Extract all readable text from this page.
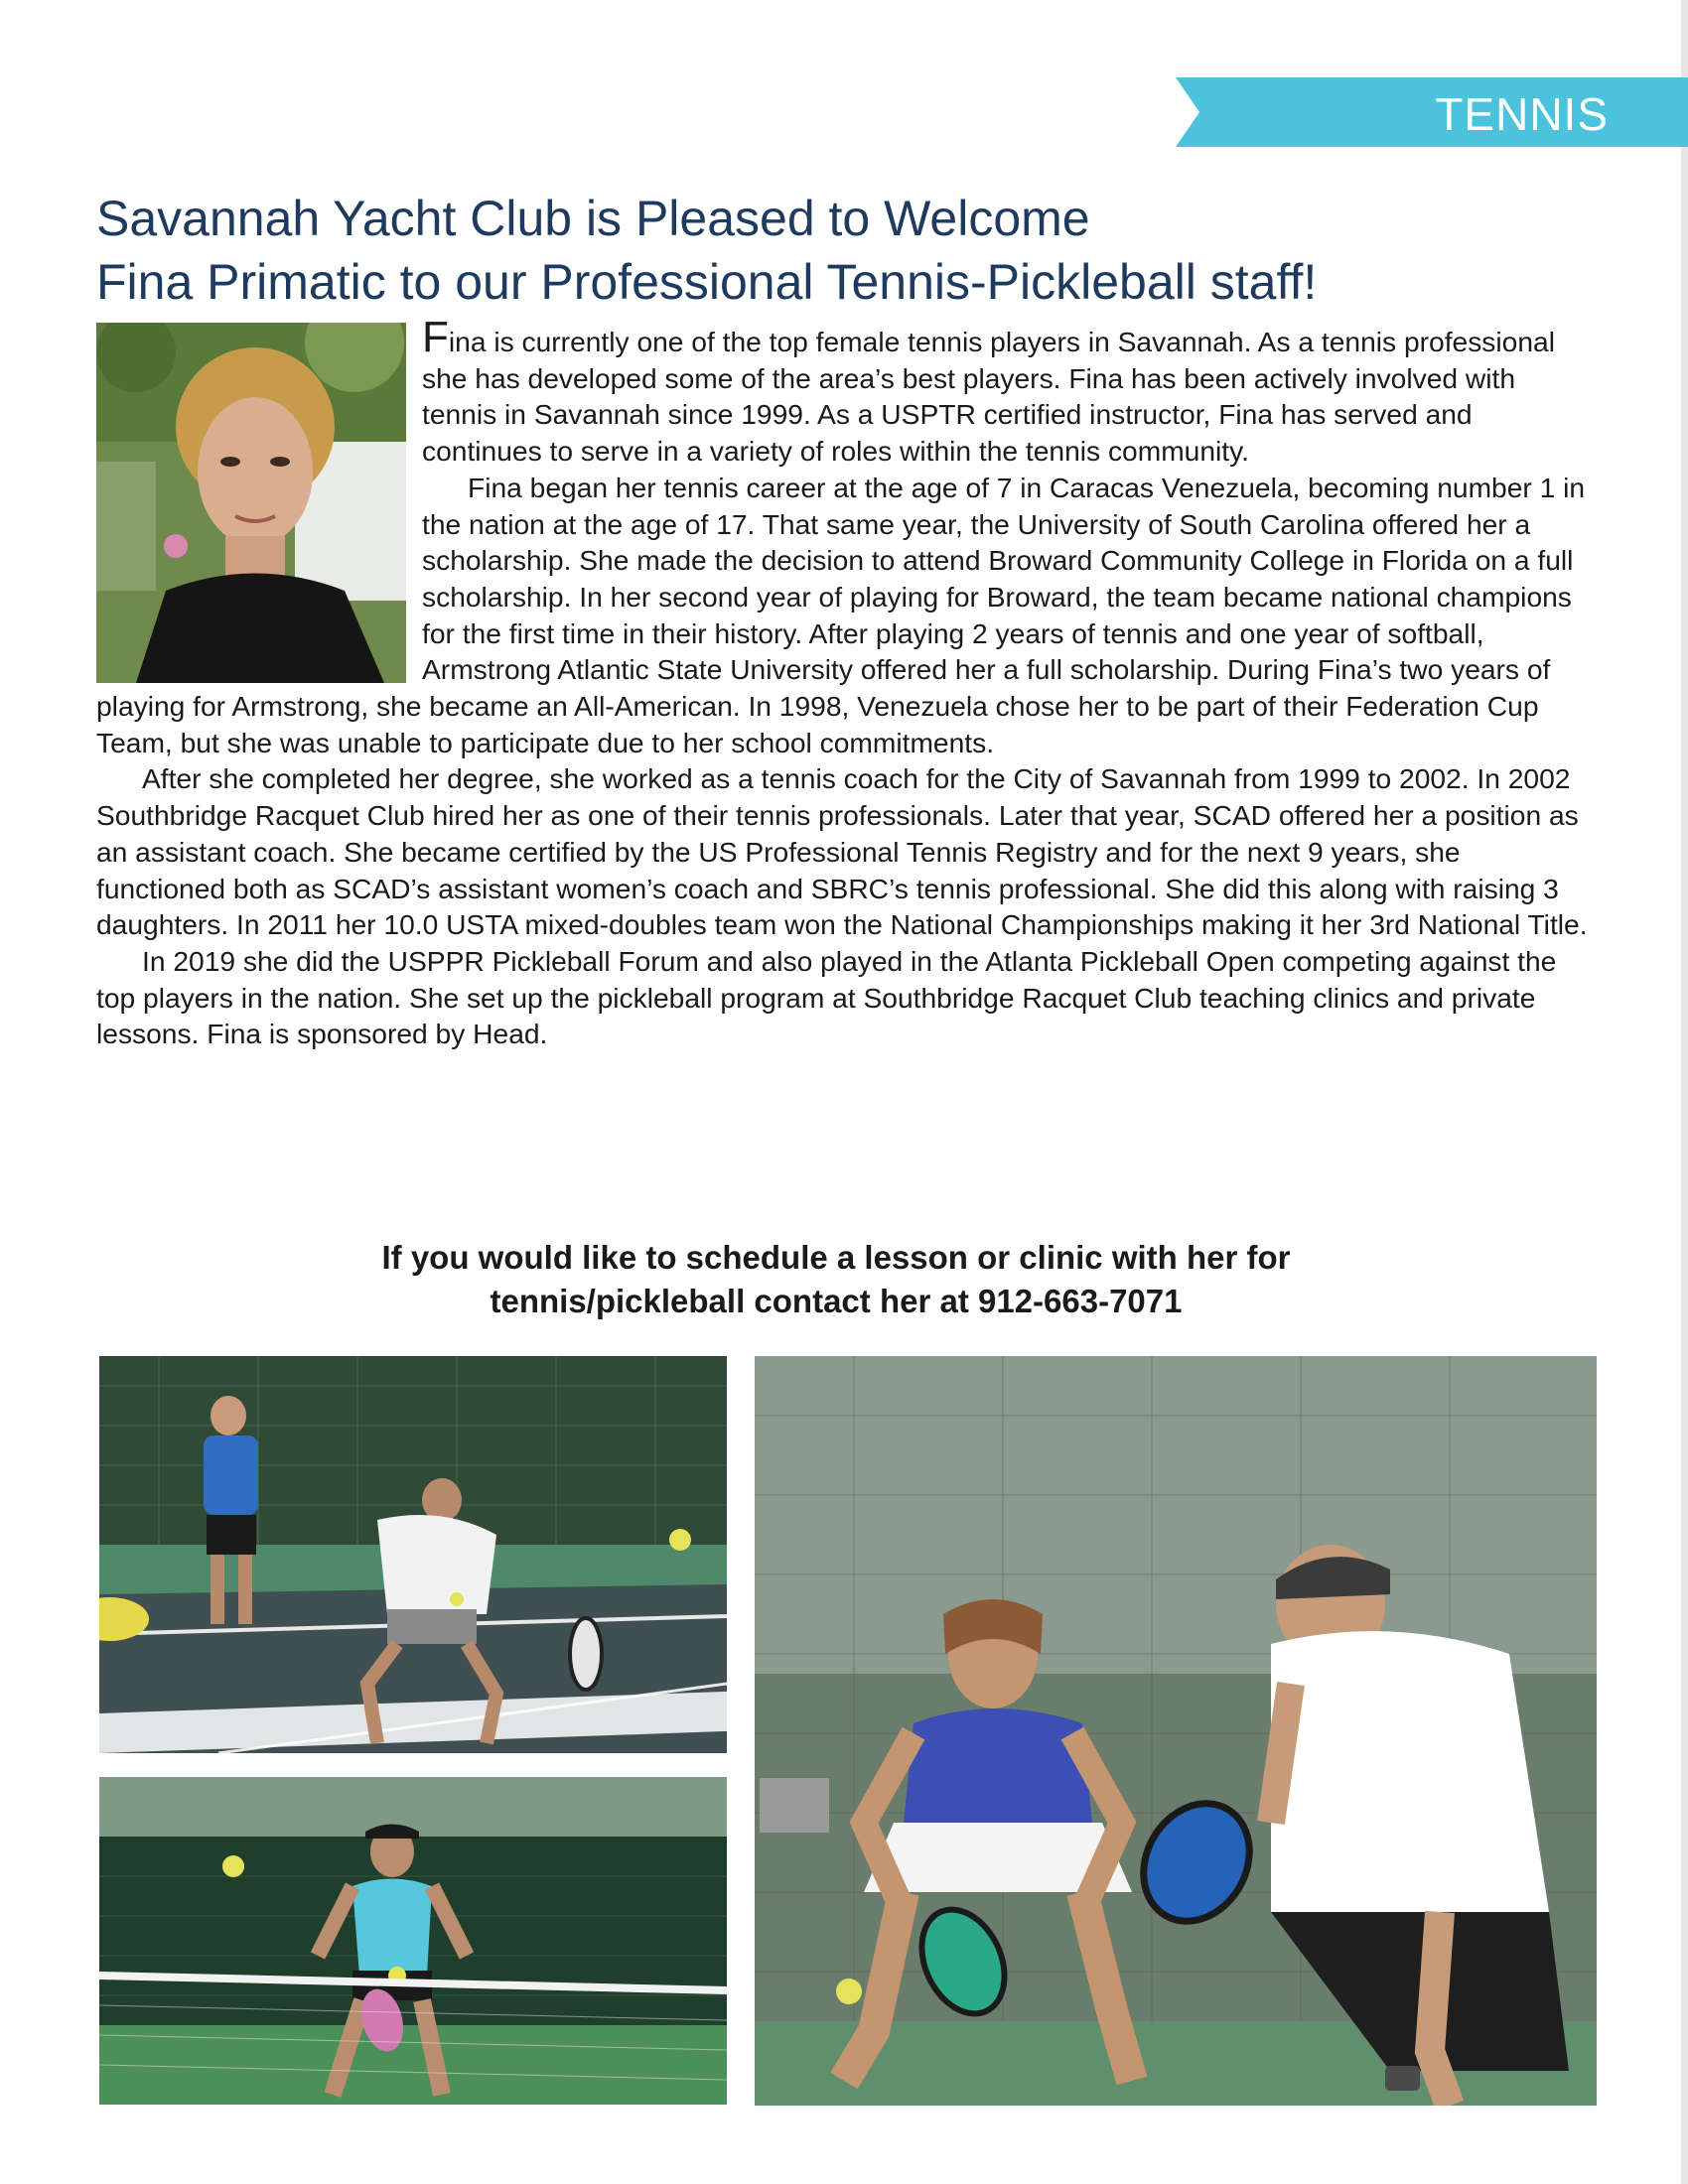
TENNIS
Savannah Yacht Club is Pleased to Welcome
Fina Primatic to our Professional Tennis-Pickleball staff!

Fina is currently one of the top female tennis players in Savannah. As a tennis professional she has developed some of the area’s best players. Fina has been actively involved with tennis in Savannah since 1999. As a USPTR certified instructor, Fina has served and continues to serve in a variety of roles within the tennis community.

Fina began her tennis career at the age of 7 in Caracas Venezuela, becoming number 1 in the nation at the age of 17. That same year, the University of South Carolina offered her a scholarship. She made the decision to attend Broward Community College in Florida on a full scholarship. In her second year of playing for Broward, the team became national champions for the first time in their history. After playing 2 years of tennis and one year of softball, Armstrong Atlantic State University offered her a full scholarship. During Fina’s two years of playing for Armstrong, she became an All-American. In 1998, Venezuela chose her to be part of their Federation Cup Team, but she was unable to participate due to her school commitments.

After she completed her degree, she worked as a tennis coach for the City of Savannah from 1999 to 2002. In 2002 Southbridge Racquet Club hired her as one of their tennis professionals. Later that year, SCAD offered her a position as an assistant coach. She became certified by the US Professional Tennis Registry and for the next 9 years, she functioned both as SCAD’s assistant women’s coach and SBRC’s tennis professional. She did this along with raising 3 daughters. In 2011 her 10.0 USTA mixed-doubles team won the National Championships making it her 3rd National Title.

In 2019 she did the USPPR Pickleball Forum and also played in the Atlanta Pickleball Open competing against the top players in the nation. She set up the pickleball program at Southbridge Racquet Club teaching clinics and private lessons. Fina is sponsored by Head.

If you would like to schedule a lesson or clinic with her for
tennis/pickleball contact her at 912-663-7071
